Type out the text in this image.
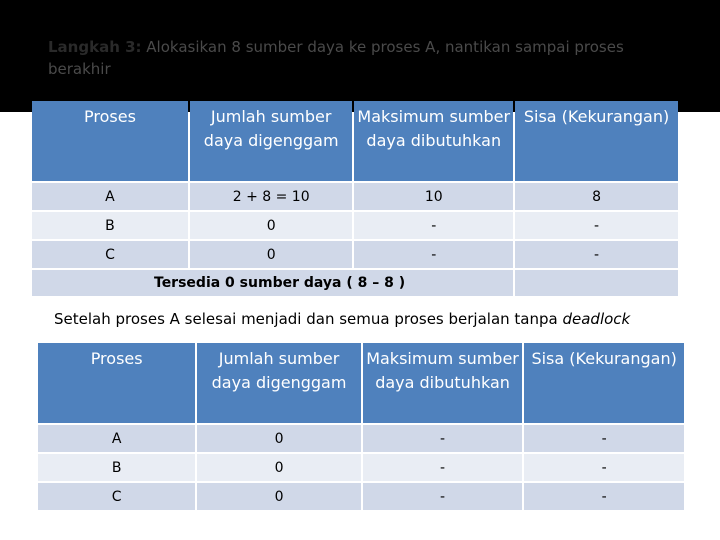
Langkah 3: Alokasikan 8 sumber daya ke proses A, nantikan sampai proses berakhir
Proses	Jumlah sumber daya digenggam	Maksimum sumber daya dibutuhkan	Sisa (Kekurangan)
A	2 + 8 = 10	10	8
B	0	-	-
C	0	-	-
Tersedia 0 sumber daya ( 8 – 8 )			
Setelah proses A selesai menjadi dan semua proses berjalan tanpa deadlock
Proses	Jumlah sumber daya digenggam	Maksimum sumber daya dibutuhkan	Sisa (Kekurangan)
A	0	-	-
B	0	-	-
C	0	-	-
